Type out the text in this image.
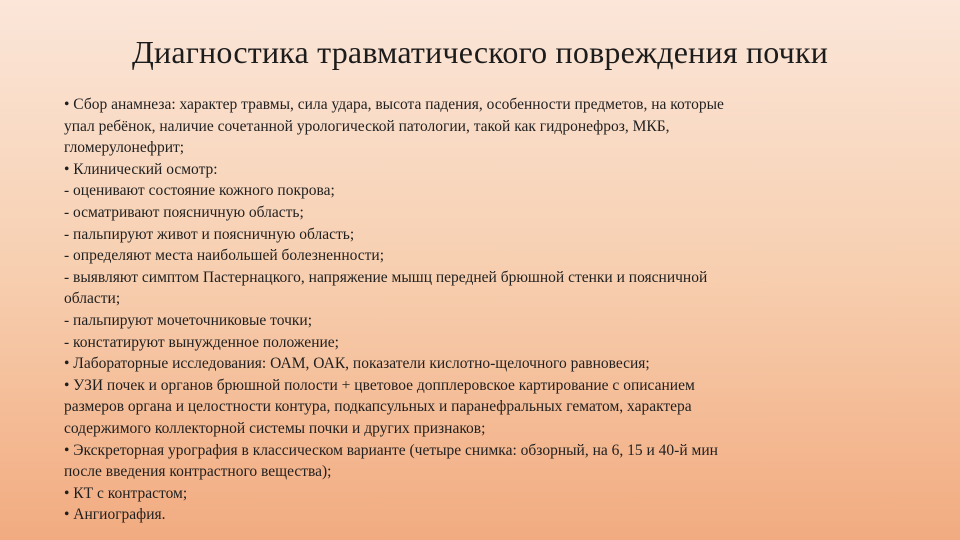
Диагностика травматического повреждения почки

• Сбор анамнеза: характер травмы, сила удара, высота падения, особенности предметов, на которые

упал ребёнок, наличие сочетанной урологической патологии, такой как гидронефроз, МКБ,

гломерулонефрит;

• Клинический осмотр:

- оценивают состояние кожного покрова;

- осматривают поясничную область;

- пальпируют живот и поясничную область;

- определяют места наибольшей болезненности;

- выявляют симптом Пастернацкого, напряжение мышц передней брюшной стенки и поясничной

области;

- пальпируют мочеточниковые точки;

- констатируют вынужденное положение;

• Лабораторные исследования: ОАМ, ОАК, показатели кислотно-щелочного равновесия;

• УЗИ почек и органов брюшной полости + цветовое допплеровское картирование с описанием

размеров органа и целостности контура, подкапсульных и паранефральных гематом, характера

содержимого коллекторной системы почки и других признаков;

• Экскреторная урография в классическом варианте (четыре снимка: обзорный, на 6, 15 и 40-й мин

после введения контрастного вещества);

• КТ с контрастом;

• Ангиография.
